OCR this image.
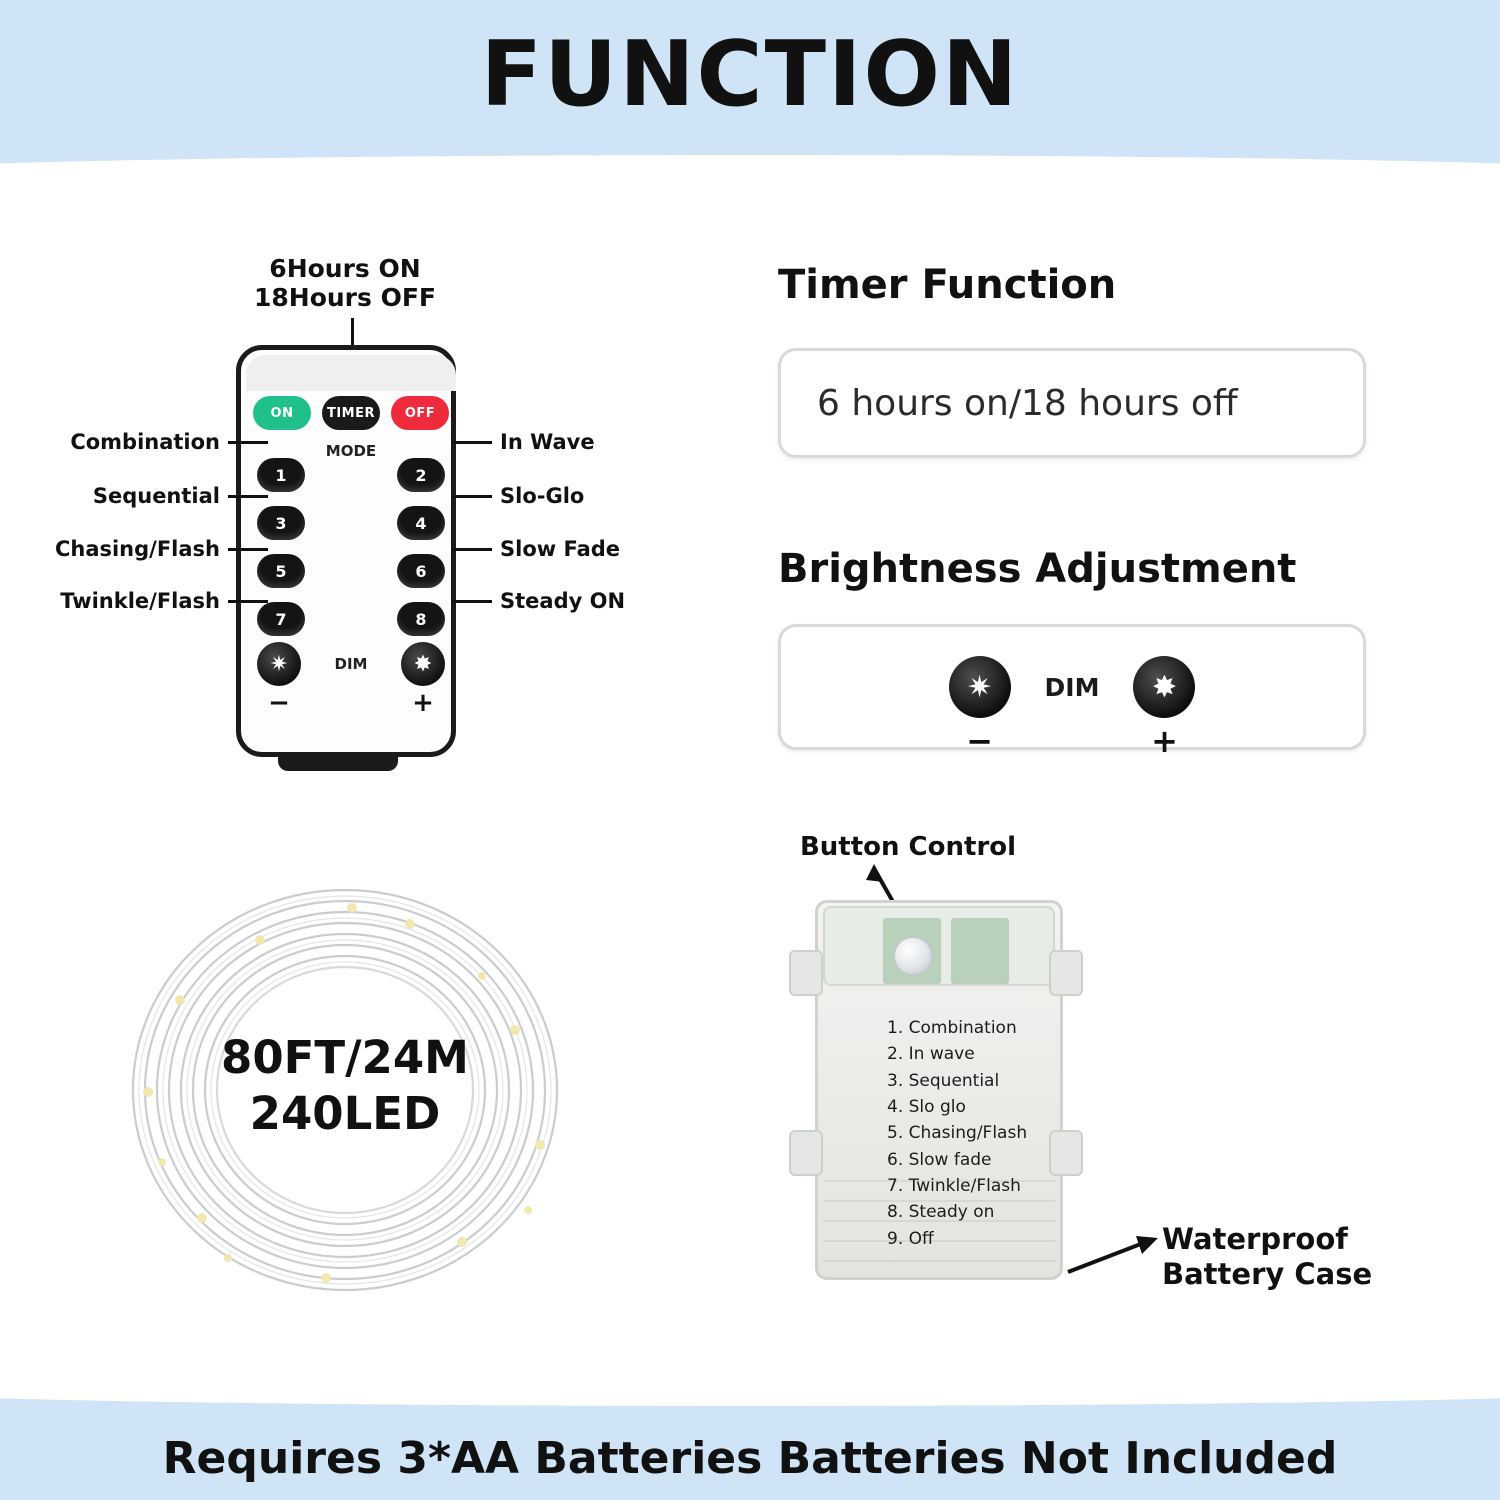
FUNCTION
6Hours ON
18Hours OFF
ON	TIMER	OFF
MODE
1	2
3	4
5	6
7	8
✷	DIM	✸
−	+
Combination
Sequential
Chasing/Flash
Twinkle/Flash
In Wave
Slo-Glo
Slow Fade
Steady ON
Timer Function
6 hours on/18 hours off
Brightness Adjustment
✷
−
DIM	✸
+
80FT/24M
240LED
Button Control
1. Combination
2. In wave
3. Sequential
4. Slo glo
5. Chasing/Flash
6. Slow fade
7. Twinkle/Flash
8. Steady on
9. Off	Waterproof
Battery Case
Requires 3*AA Batteries Batteries Not Included
